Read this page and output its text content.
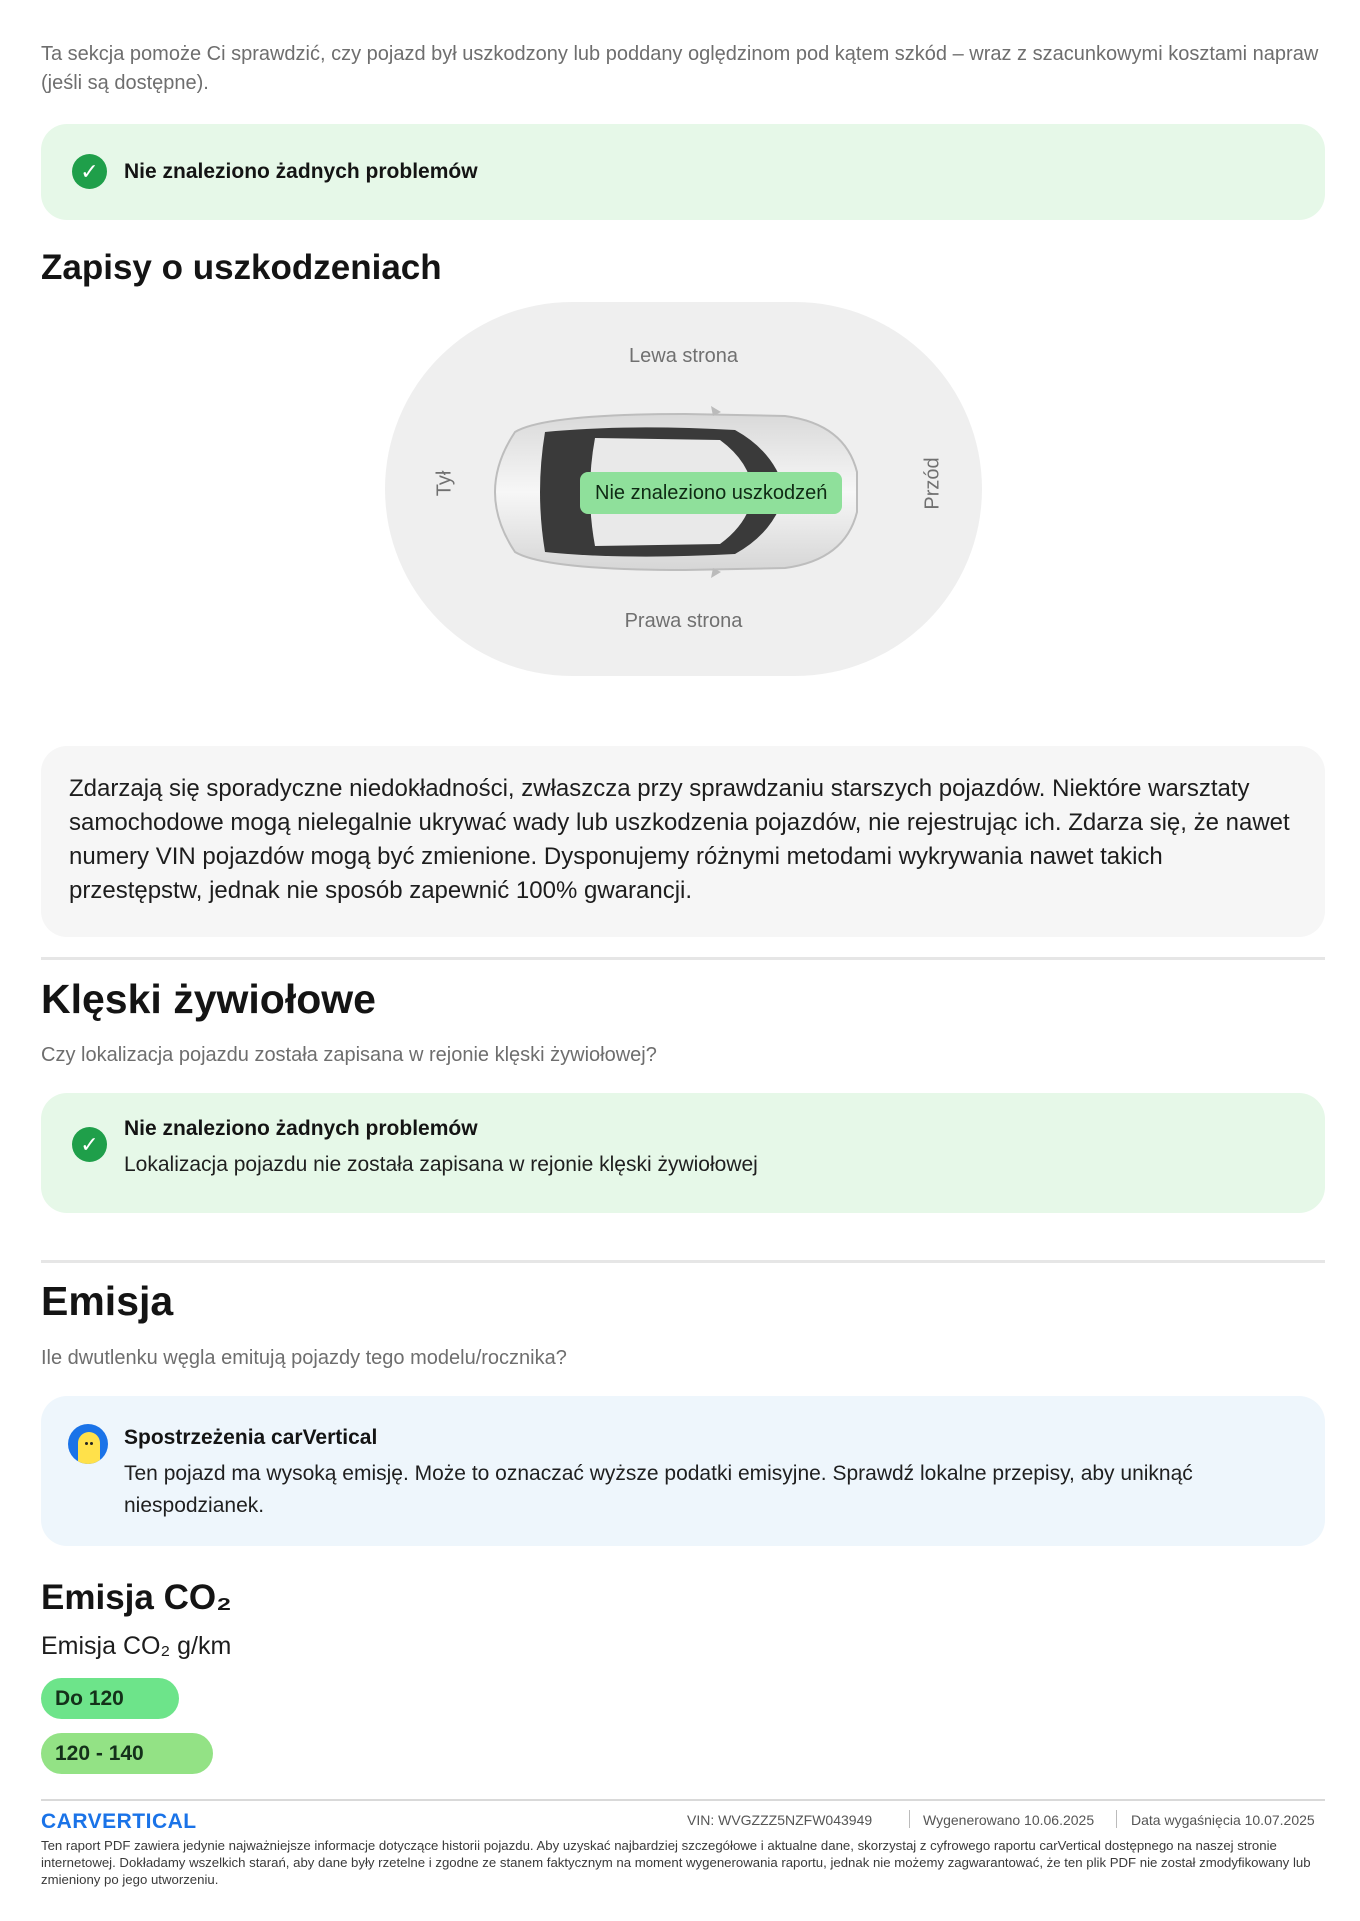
Ta sekcja pomoże Ci sprawdzić, czy pojazd był uszkodzony lub poddany oględzinom pod kątem szkód – wraz z szacunkowymi kosztami napraw (jeśli są dostępne).
✓	Nie znaleziono żadnych problemów
Zapisy o uszkodzeniach
Lewa strona
Prawa strona
Tył	Przód
Nie znaleziono uszkodzeń
Zdarzają się sporadyczne niedokładności, zwłaszcza przy sprawdzaniu starszych pojazdów. Niektóre warsztaty samochodowe mogą nielegalnie ukrywać wady lub uszkodzenia pojazdów, nie rejestrując ich. Zdarza się, że nawet numery VIN pojazdów mogą być zmienione. Dysponujemy różnymi metodami wykrywania nawet takich przestępstw, jednak nie sposób zapewnić 100% gwarancji.
Klęski żywiołowe
Czy lokalizacja pojazdu została zapisana w rejonie klęski żywiołowej?
✓
Nie znaleziono żadnych problemów
Lokalizacja pojazdu nie została zapisana w rejonie klęski żywiołowej
Emisja
Ile dwutlenku węgla emitują pojazdy tego modelu/rocznika?
Spostrzeżenia carVertical
Ten pojazd ma wysoką emisję. Może to oznaczać wyższe podatki emisyjne. Sprawdź lokalne przepisy, aby uniknąć niespodzianek.
Emisja CO₂
Emisja CO₂ g/km
Do 120
120 - 140
CARVERTICAL	VIN: WVGZZZ5NZFW043949	Wygenerowano 10.06.2025	Data wygaśnięcia 10.07.2025
Ten raport PDF zawiera jedynie najważniejsze informacje dotyczące historii pojazdu. Aby uzyskać najbardziej szczegółowe i aktualne dane, skorzystaj z cyfrowego raportu carVertical dostępnego na naszej stronie internetowej. Dokładamy wszelkich starań, aby dane były rzetelne i zgodne ze stanem faktycznym na moment wygenerowania raportu, jednak nie możemy zagwarantować, że ten plik PDF nie został zmodyfikowany lub zmieniony po jego utworzeniu.
